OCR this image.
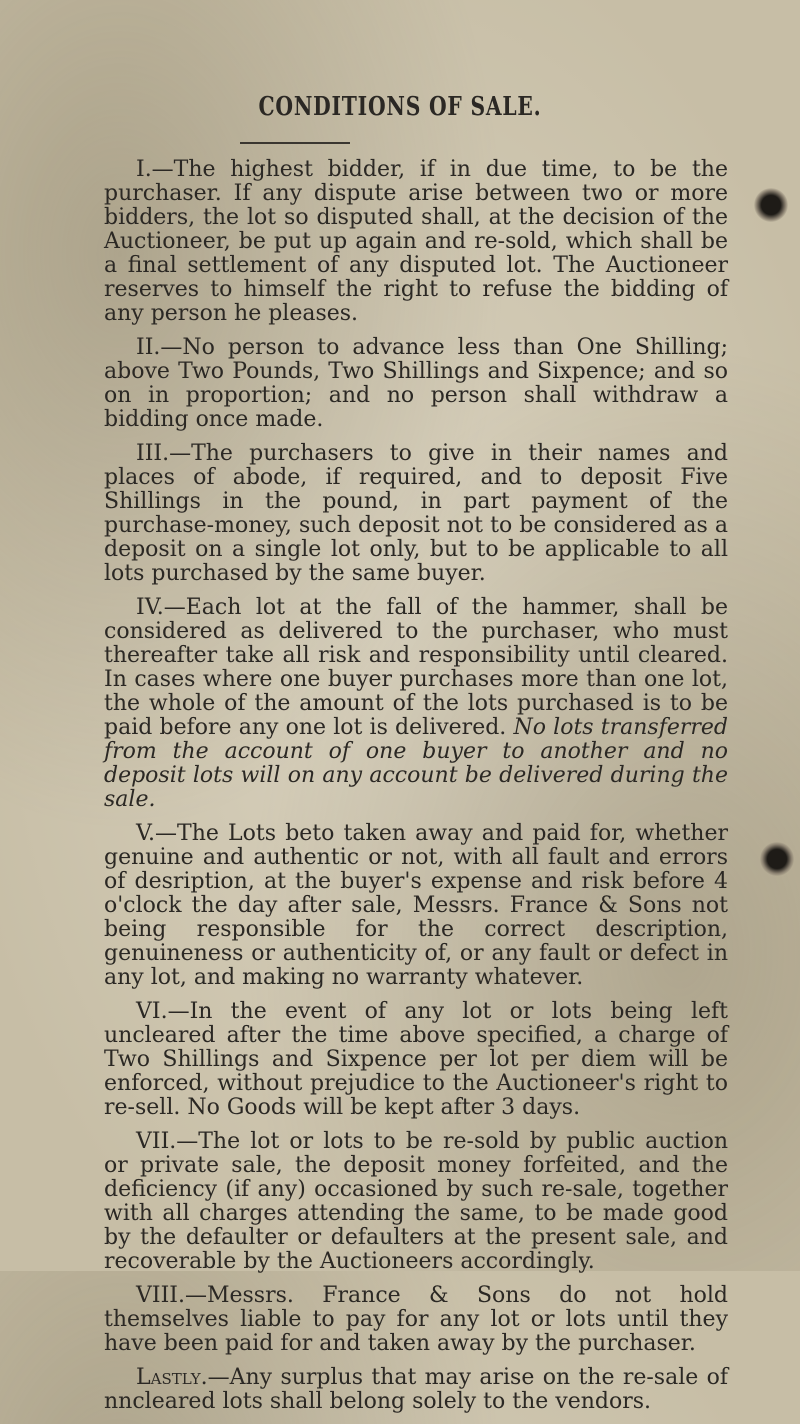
CONDITIONS OF SALE.

I.—The highest bidder, if in due time, to be the purchaser. If any dispute arise between two or more bidders, the lot so disputed shall, at the decision of the Auctioneer, be put up again and re-sold, which shall be a final settlement of any disputed lot. The Auctioneer reserves to himself the right to refuse the bidding of any person he pleases.

II.—No person to advance less than One Shilling; above Two Pounds, Two Shillings and Sixpence; and so on in proportion; and no person shall withdraw a bidding once made.

III.—The purchasers to give in their names and places of abode, if required, and to deposit Five Shillings in the pound, in part payment of the purchase-money, such deposit not to be considered as a deposit on a single lot only, but to be applicable to all lots purchased by the same buyer.

IV.—Each lot at the fall of the hammer, shall be considered as delivered to the purchaser, who must thereafter take all risk and responsibility until cleared. In cases where one buyer purchases more than one lot, the whole of the amount of the lots purchased is to be paid before any one lot is delivered. No lots transferred from the account of one buyer to another and no deposit lots will on any account be delivered during the sale.

V.—The Lots beto taken away and paid for, whether genuine and authentic or not, with all fault and errors of desription, at the buyer's expense and risk before 4 o'clock the day after sale, Messrs. France & Sons not being responsible for the correct description, genuineness or authenticity of, or any fault or defect in any lot, and making no warranty whatever.

VI.—In the event of any lot or lots being left uncleared after the time above specified, a charge of Two Shillings and Sixpence per lot per diem will be enforced, without prejudice to the Auctioneer's right to re-sell. No Goods will be kept after 3 days.

VII.—The lot or lots to be re-sold by public auction or private sale, the deposit money forfeited, and the deficiency (if any) occasioned by such re-sale, together with all charges attending the same, to be made good by the defaulter or defaulters at the present sale, and recoverable by the Auctioneers accordingly.

VIII.—Messrs. France & Sons do not hold themselves liable to pay for any lot or lots until they have been paid for and taken away by the purchaser.

Lastly.—Any surplus that may arise on the re-sale of nncleared lots shall belong solely to the vendors.
